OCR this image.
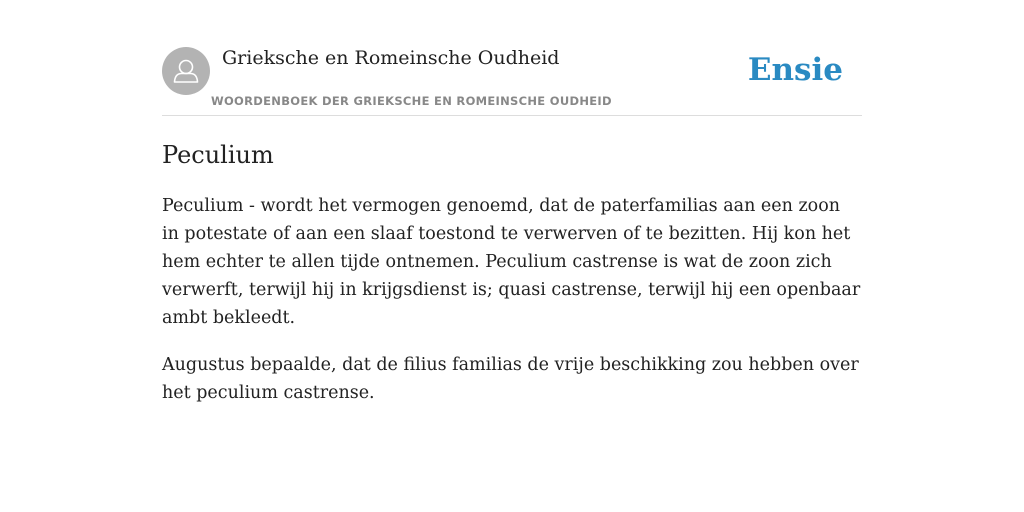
Grieksche en Romeinsche Oudheid
WOORDENBOEK DER GRIEKSCHE EN ROMEINSCHE OUDHEID
Ensie
Peculium

Peculium - wordt het vermogen genoemd, dat de paterfamilias aan een zoon in potestate of aan een slaaf toestond te verwerven of te bezitten. Hij kon het hem echter te allen tijde ontnemen. Peculium castrense is wat de zoon zich verwerft, terwijl hij in krijgsdienst is; quasi castrense, terwijl hij een openbaar ambt bekleedt.

Augustus bepaalde, dat de filius familias de vrije beschikking zou hebben over het peculium castrense.
